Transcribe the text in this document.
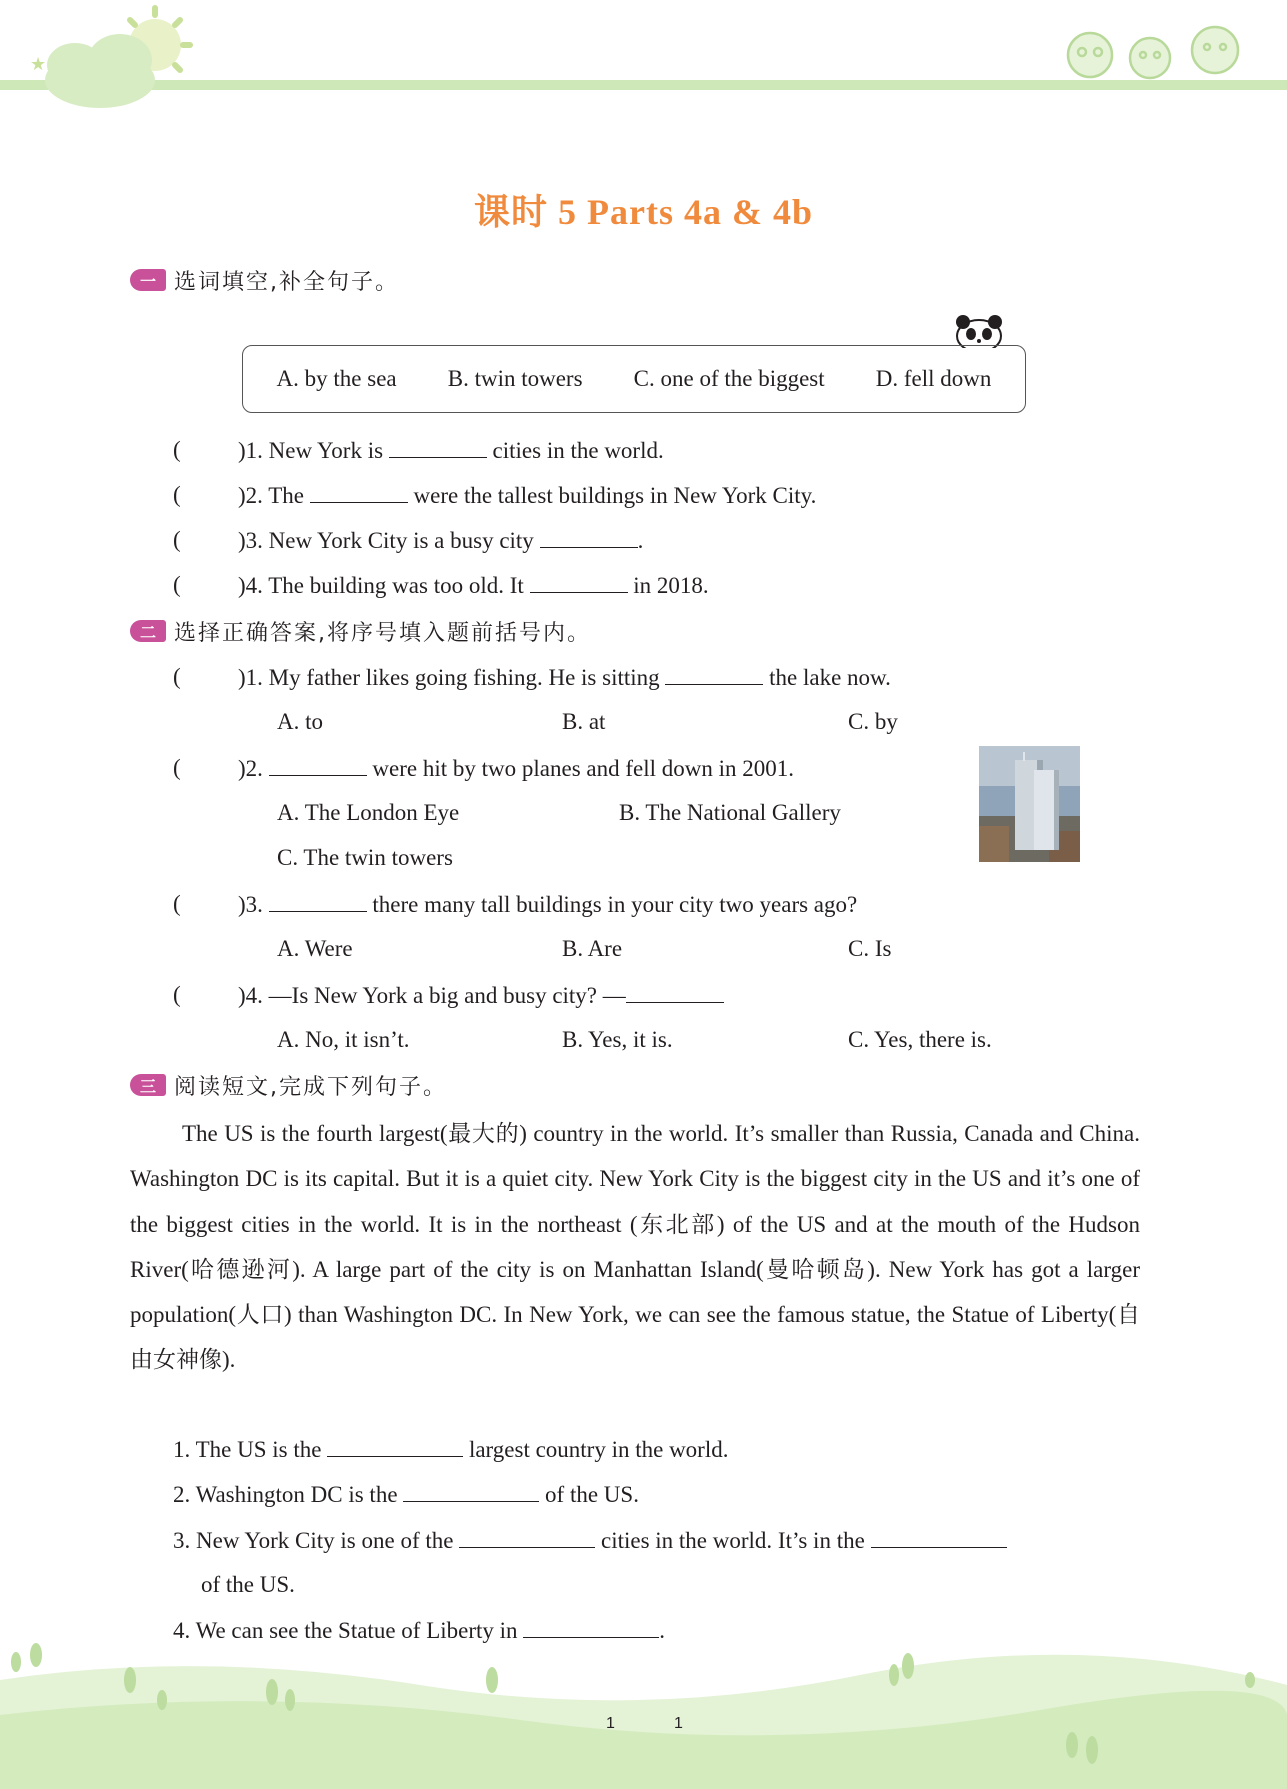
★
课时 5 Parts 4a & 4b
一 选词填空,补全句子。
A. by the sea B. twin towers C. one of the biggest D. fell down
( )1. New York is	cities in the world.
( )2. The	were the tallest buildings in New York City.
( )3. New York City is a busy city	.
( )4. The building was too old. It	in 2018.
二 选择正确答案,将序号填入题前括号内。
( )1. My father likes going fishing. He is sitting	the lake now.
A. to	B. at	C. by
( )2.	were hit by two planes and fell down in 2001.
A. The London Eye	B. The National Gallery
C. The twin towers
( )3.	there many tall buildings in your city two years ago?
A. Were	B. Are	C. Is
( )4. —Is New York a big and busy city? —
A. No, it isn’t.	B. Yes, it is.	C. Yes, there is.
三 阅读短文,完成下列句子。

The US is the fourth largest(最大的) country in the world. It’s smaller than Russia, Canada and China. Washington DC is its capital. But it is a quiet city. New York City is the biggest city in the US and it’s one of the biggest cities in the world. It is in the northeast (东北部) of the US and at the mouth of the Hudson River(哈德逊河). A large part of the city is on Manhattan Island(曼哈顿岛). New York has got a larger population(人口) than Washington DC. In New York, we can see the famous statue, the Statue of Liberty(自由女神像).

1. The US is the	largest country in the world.
2. Washington DC is the	of the US.
3. New York City is one of the	cities in the world. It’s in the
of the US.
4. We can see the Statue of Liberty in	.
1	1
